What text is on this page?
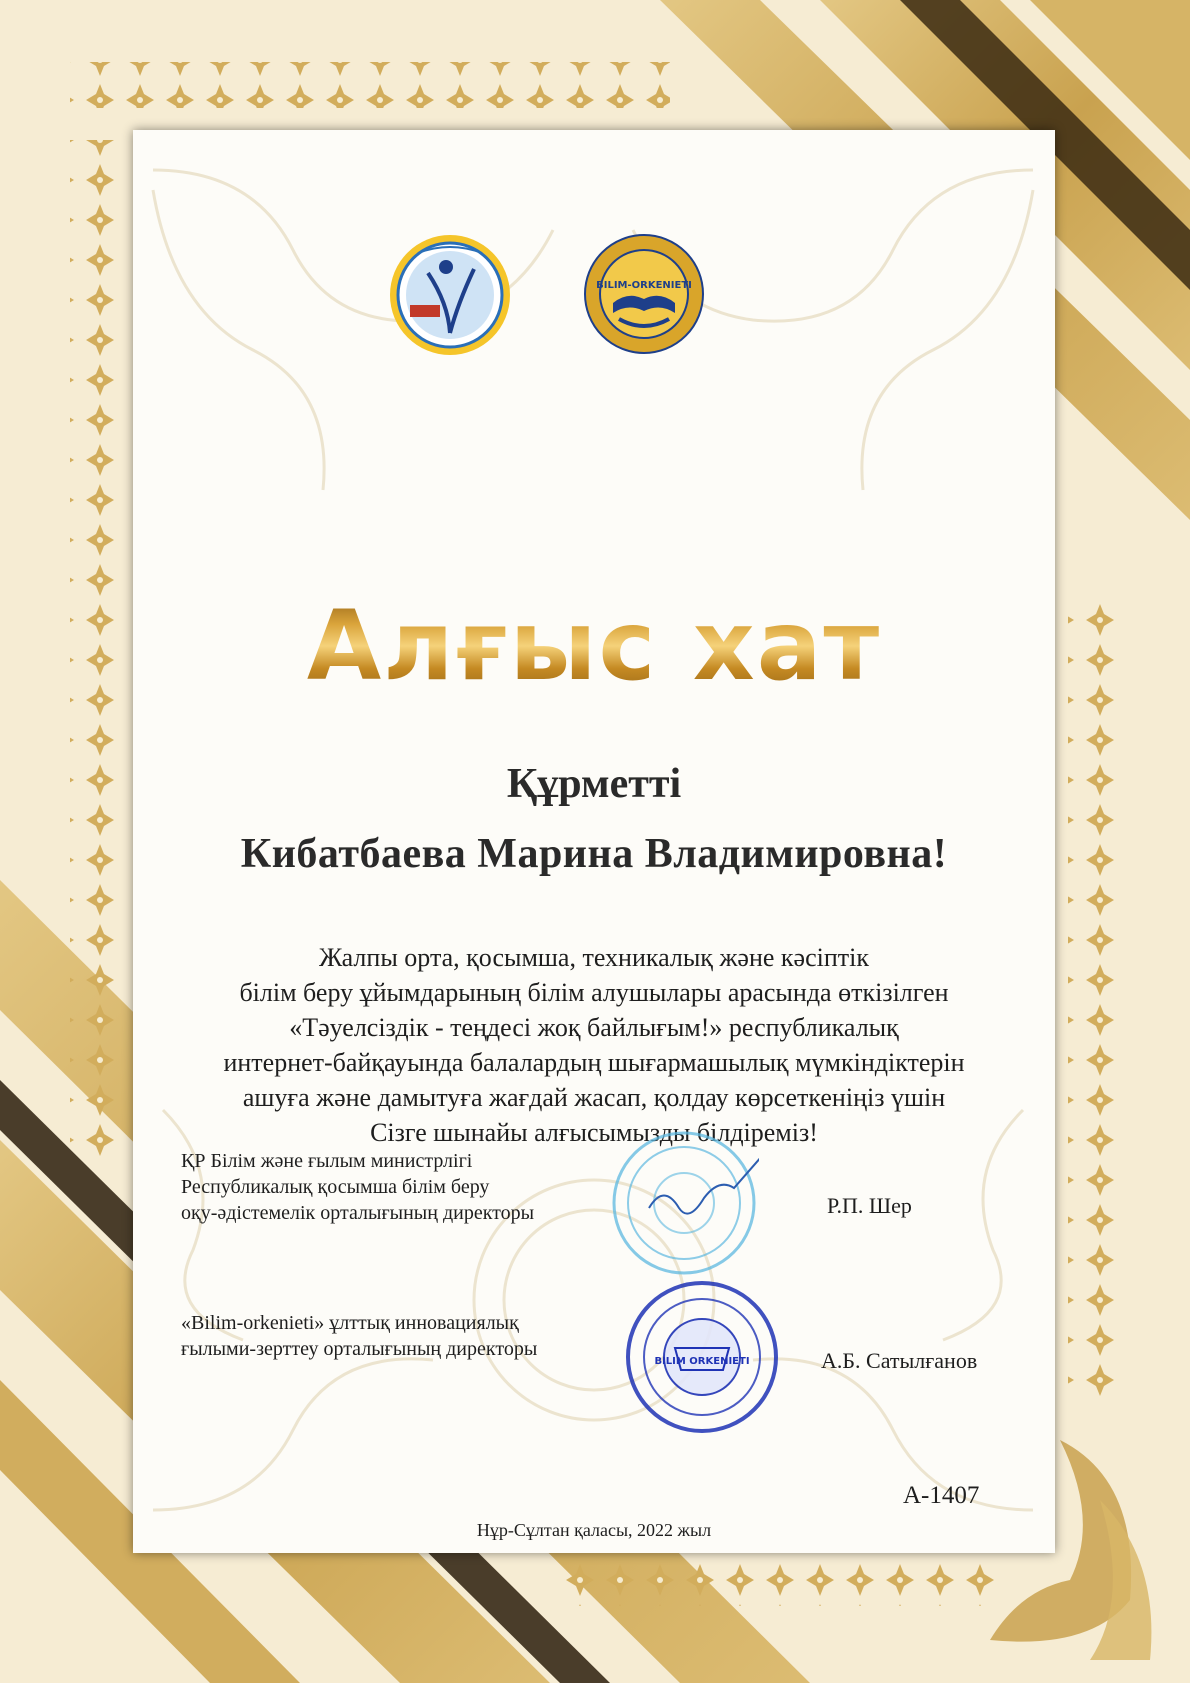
BILIM-ORKENIETI
Алғыс хат
Құрметті
Кибатбаева Марина Владимировна!
Жалпы орта, қосымша, техникалық және кәсіптік
білім беру ұйымдарының білім алушылары арасында өткізілген
«Тәуелсіздік - теңдесі жоқ байлығым!» республикалық
интернет-байқауында балалардың шығармашылық мүмкіндіктерін
ашуға және дамытуға жағдай жасап, қолдау көрсеткеніңіз үшін
Сізге шынайы алғысымызды білдіреміз!
ҚР Білім және ғылым министрлігі
Республикалық қосымша білім беру
оқу-әдістемелік орталығының директоры	Р.П. Шер
«Bilim-orkenieti» ұлттық инновациялық
ғылыми-зерттеу орталығының директоры
BILIM ORKENIETI	А.Б. Сатылғанов
А-1407
Нұр-Сұлтан қаласы, 2022 жыл
